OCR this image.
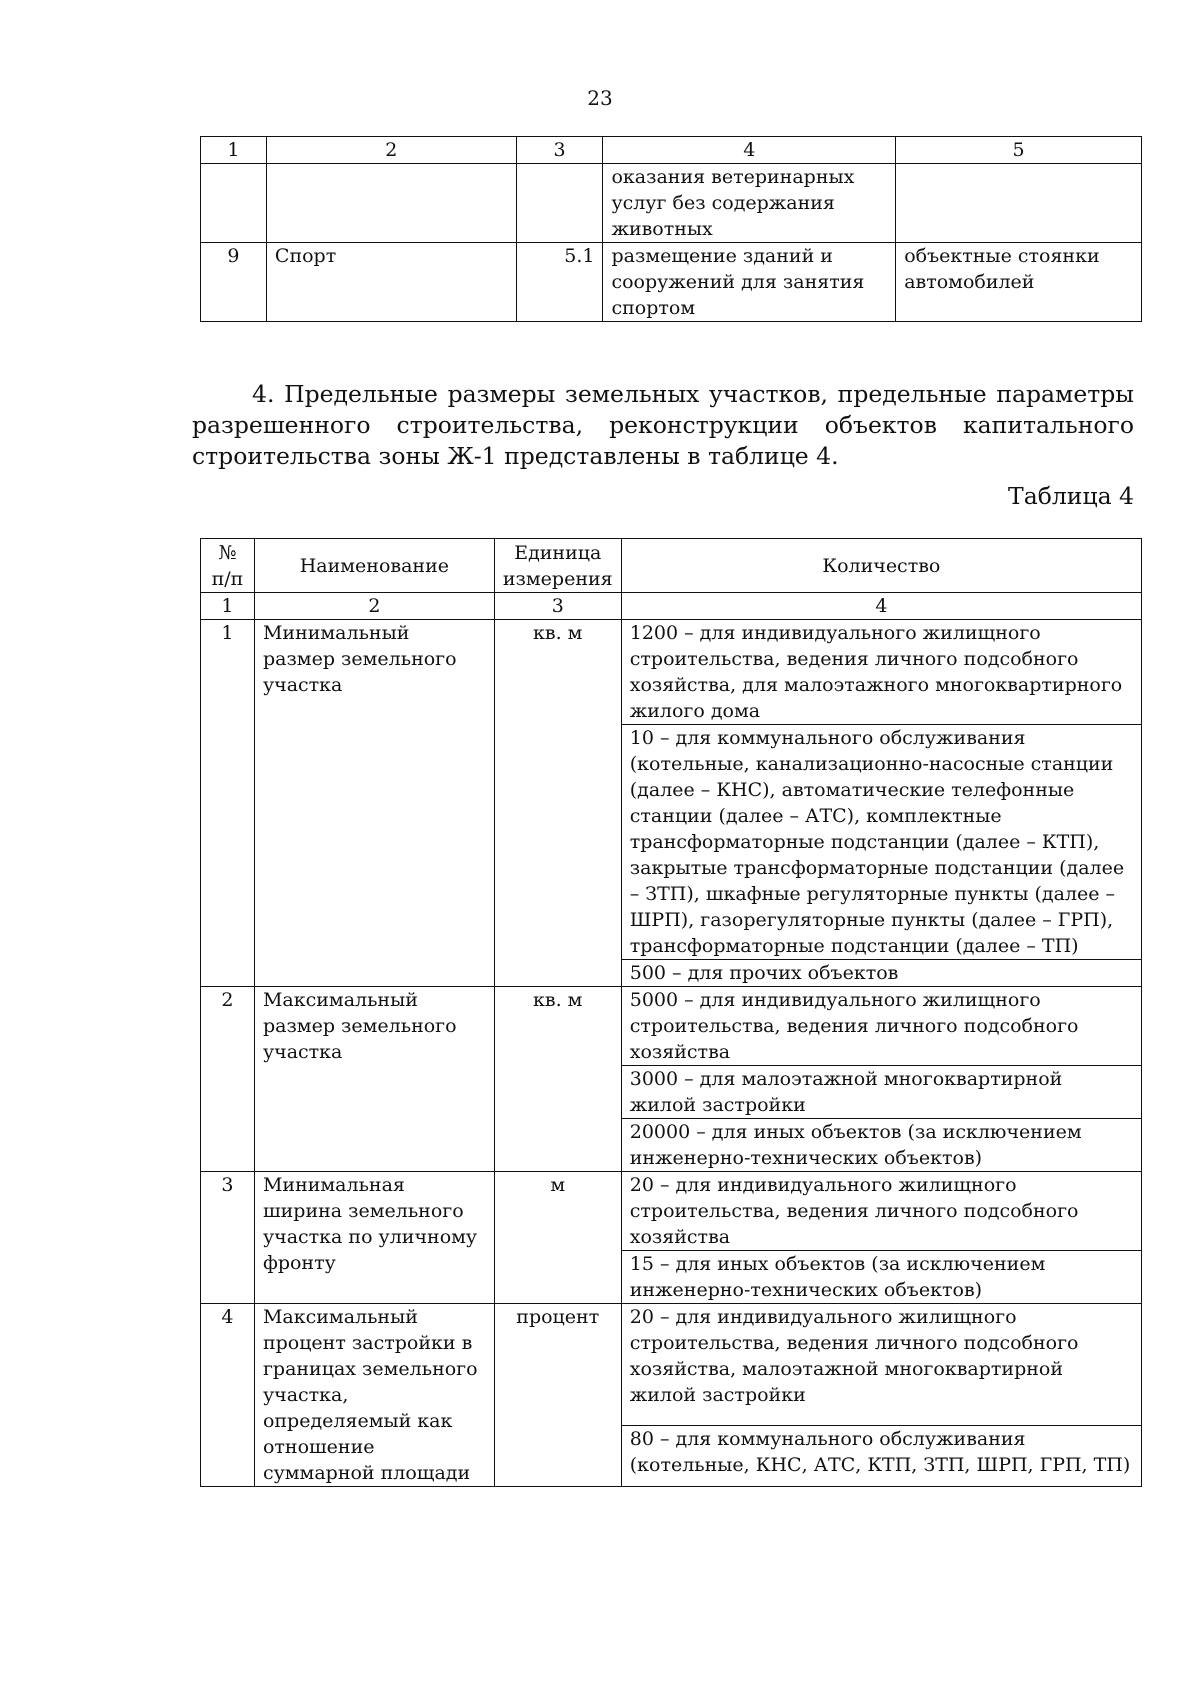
23
1	2	3	4	5
			оказания ветеринарных услуг без содержания животных	
9	Спорт	5.1	размещение зданий и сооружений для занятия спортом	объектные стоянки автомобилей

4. Предельные размеры земельных участков, предельные параметры разрешенного строительства, реконструкции объектов капитального строительства зоны Ж-1 представлены в таблице 4.

Таблица 4
№ п/п	Наименование	Единица измерения	Количество
1	2	3	4
1	Минимальный размер земельного участка	кв. м	1200 – для индивидуального жилищного строительства, ведения личного подсобного хозяйства, для малоэтажного многоквартирного жилого дома
			10 – для коммунального обслуживания (котельные, канализационно-насосные станции (далее – КНС), автоматические телефонные станции (далее – АТС), комплектные трансформаторные подстанции (далее – КТП), закрытые трансформаторные подстанции (далее – ЗТП), шкафные регуляторные пункты (далее – ШРП), газорегуляторные пункты (далее – ГРП), трансформаторные подстанции (далее – ТП)
			500 – для прочих объектов
2	Максимальный размер земельного участка	кв. м	5000 – для индивидуального жилищного строительства, ведения личного подсобного хозяйства
			3000 – для малоэтажной многоквартирной жилой застройки
			20000 – для иных объектов (за исключением инженерно-технических объектов)
3	Минимальная ширина земельного участка по уличному фронту	м	20 – для индивидуального жилищного строительства, ведения личного подсобного хозяйства
			15 – для иных объектов (за исключением инженерно-технических объектов)
4	Максимальный процент застройки в границах земельного участка, определяемый как отношение суммарной площади	процент	20 – для индивидуального жилищного строительства, ведения личного подсобного хозяйства, малоэтажной многоквартирной жилой застройки
			80 – для коммунального обслуживания (котельные, КНС, АТС, КТП, ЗТП, ШРП, ГРП, ТП)
